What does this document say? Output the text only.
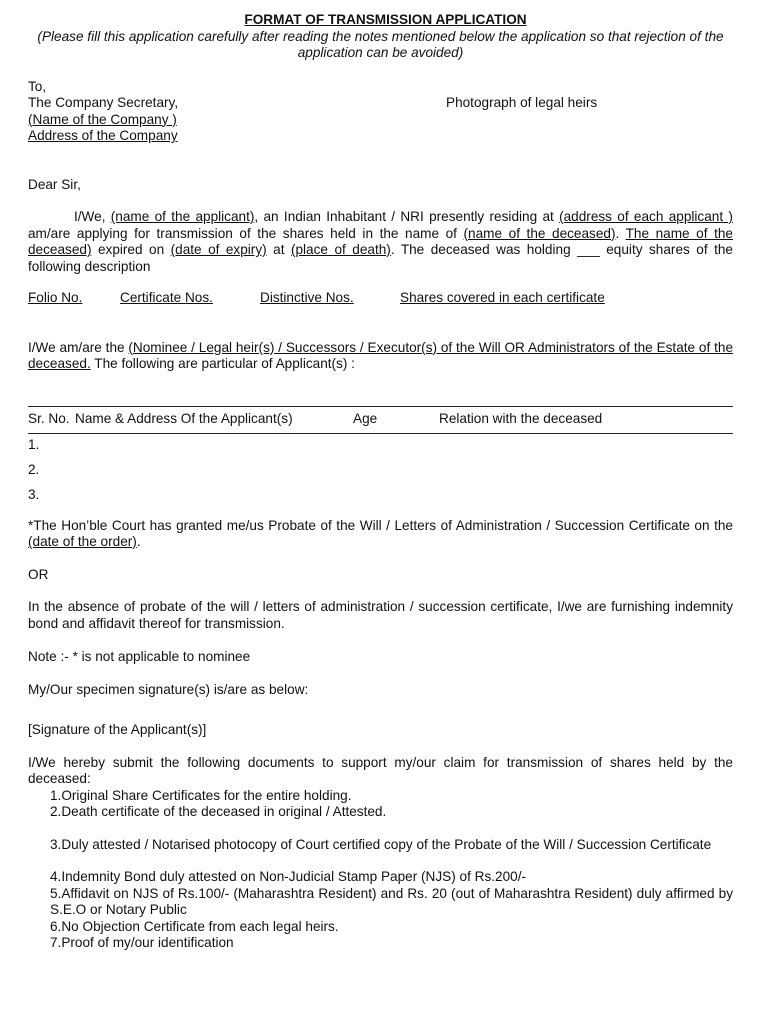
FORMAT OF TRANSMISSION APPLICATION

(Please fill this application carefully after reading the notes mentioned below the application so that rejection of the application can be avoided)

To,

The Company Secretary,

(Name of the Company )

Address of the Company

Photograph of legal heirs

Dear Sir,

I/We, (name of the applicant), an Indian Inhabitant / NRI presently residing at (address of each applicant ) am/are applying for transmission of the shares held in the name of (name of the deceased). The name of the deceased) expired on (date of expiry) at (place of death). The deceased was holding ___ equity shares of the following description

Folio No.	Certificate Nos.	Distinctive Nos.	Shares covered in each certificate

I/We am/are the (Nominee / Legal heir(s) / Successors / Executor(s) of the Will OR Administrators of the Estate of the deceased. The following are particular of Applicant(s) :

Sr. No. Name & Address Of the Applicant(s)	Age	Relation with the deceased

1.

2.

3.

*The Hon’ble Court has granted me/us Probate of the Will / Letters of Administration / Succession Certificate on the (date of the order).

OR

In the absence of probate of the will / letters of administration / succession certificate, I/we are furnishing indemnity bond and affidavit thereof for transmission.

Note :- * is not applicable to nominee

My/Our specimen signature(s) is/are as below:

[Signature of the Applicant(s)]

I/We hereby submit the following documents to support my/our claim for transmission of shares held by the deceased:

1.Original Share Certificates for the entire holding.

2.Death certificate of the deceased in original / Attested.

3.Duly attested / Notarised photocopy of Court certified copy of the Probate of the Will / Succession Certificate

4.Indemnity Bond duly attested on Non-Judicial Stamp Paper (NJS) of Rs.200/-

5.Affidavit on NJS of Rs.100/- (Maharashtra Resident) and Rs. 20 (out of Maharashtra Resident) duly affirmed by S.E.O or Notary Public

6.No Objection Certificate from each legal heirs.

7.Proof of my/our identification
